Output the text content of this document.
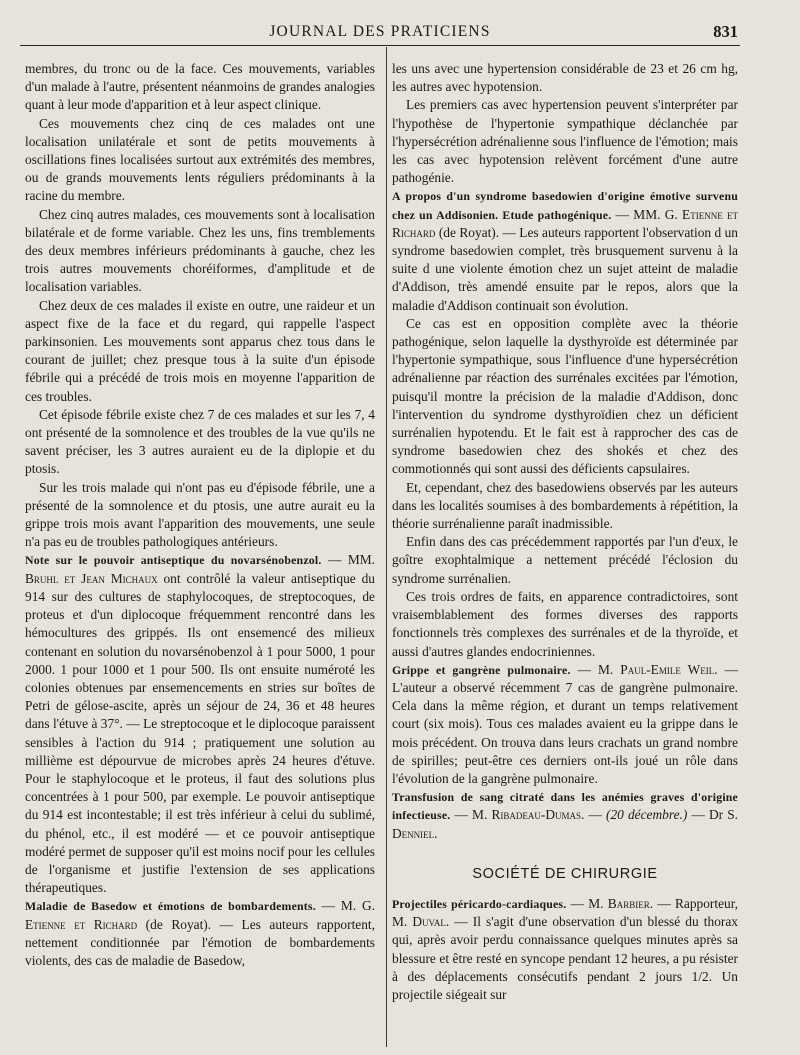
JOURNAL DES PRATICIENS	831

membres, du tronc ou de la face. Ces mouvements, variables d'un malade à l'autre, présentent néanmoins de grandes analogies quant à leur mode d'apparition et à leur aspect clinique.

Ces mouvements chez cinq de ces malades ont une localisation unilatérale et sont de petits mouvements à oscillations fines localisées surtout aux extrémités des membres, ou de grands mouvements lents réguliers prédominants à la racine du membre.

Chez cinq autres malades, ces mouvements sont à localisation bilatérale et de forme variable. Chez les uns, fins tremblements des deux membres inférieurs prédominants à gauche, chez les trois autres mouvements choréiformes, d'amplitude et de localisation variables.

Chez deux de ces malades il existe en outre, une raideur et un aspect fixe de la face et du regard, qui rappelle l'aspect parkinsonien. Les mouvements sont apparus chez tous dans le courant de juillet; chez presque tous à la suite d'un épisode fébrile qui a précédé de trois mois en moyenne l'apparition de ces troubles.

Cet épisode fébrile existe chez 7 de ces malades et sur les 7, 4 ont présenté de la somnolence et des troubles de la vue qu'ils ne savent préciser, les 3 autres auraient eu de la diplopie et du ptosis.

Sur les trois malade qui n'ont pas eu d'épisode fébrile, une a présenté de la somnolence et du ptosis, une autre aurait eu la grippe trois mois avant l'apparition des mouvements, une seule n'a pas eu de troubles pathologiques antérieurs.

Note sur le pouvoir antiseptique du novarsénobenzol. — MM. Bruhl et Jean Michaux ont contrôlé la valeur antiseptique du 914 sur des cultures de staphylocoques, de streptocoques, de proteus et d'un diplocoque fréquemment rencontré dans les hémocultures des grippés. Ils ont ensemencé des milieux contenant en solution du novarsénobenzol à 1 pour 5000, 1 pour 2000. 1 pour 1000 et 1 pour 500. Ils ont ensuite numéroté les colonies obtenues par ensemencements en stries sur boîtes de Petri de gélose-ascite, après un séjour de 24, 36 et 48 heures dans l'étuve à 37°. — Le streptocoque et le diplocoque paraissent sensibles à l'action du 914 ; pratiquement une solution au millième est dépourvue de microbes après 24 heures d'étuve. Pour le staphylocoque et le proteus, il faut des solutions plus concentrées à 1 pour 500, par exemple. Le pouvoir antiseptique du 914 est incontestable; il est très inférieur à celui du sublimé, du phénol, etc., il est modéré — et ce pouvoir antiseptique modéré permet de supposer qu'il est moins nocif pour les cellules de l'organisme et justifie l'extension de ses applications thérapeutiques.

Maladie de Basedow et émotions de bombardements. — M. G. Etienne et Richard (de Royat). — Les auteurs rapportent, nettement conditionnée par l'émotion de bombardements violents, des cas de maladie de Basedow,

les uns avec une hypertension considérable de 23 et 26 cm hg, les autres avec hypotension.

Les premiers cas avec hypertension peuvent s'interpréter par l'hypothèse de l'hypertonie sympathique déclanchée par l'hypersécrétion adrénalienne sous l'influence de l'émotion; mais les cas avec hypotension relèvent forcément d'une autre pathogénie.

A propos d'un syndrome basedowien d'origine émotive survenu chez un Addisonien. Etude pathogénique. — MM. G. Etienne et Richard (de Royat). — Les auteurs rapportent l'observation d un syndrome basedowien complet, très brusquement survenu à la suite d une violente émotion chez un sujet atteint de maladie d'Addison, très amendé ensuite par le repos, alors que la maladie d'Addison continuait son évolution.

Ce cas est en opposition complète avec la théorie pathogénique, selon laquelle la dysthyroïde est déterminée par l'hypertonie sympathique, sous l'influence d'une hypersécrétion adrénalienne par réaction des surrénales excitées par l'émotion, puisqu'il montre la précision de la maladie d'Addison, donc l'intervention du syndrome dysthyroïdien chez un déficient surrénalien hypotendu. Et le fait est à rapprocher des cas de syndrome basedowien chez des shokés et chez des commotionnés qui sont aussi des déficients capsulaires.

Et, cependant, chez des basedowiens observés par les auteurs dans les localités soumises à des bombardements à répétition, la théorie surrénalienne paraît inadmissible.

Enfin dans des cas précédemment rapportés par l'un d'eux, le goître exophtalmique a nettement précédé l'éclosion du syndrome surrénalien.

Ces trois ordres de faits, en apparence contradictoires, sont vraisemblablement des formes diverses des rapports fonctionnels très complexes des surrénales et de la thyroïde, et aussi d'autres glandes endocriniennes.

Grippe et gangrène pulmonaire. — M. Paul-Emile Weil. — L'auteur a observé récemment 7 cas de gangrène pulmonaire. Cela dans la même région, et durant un temps relativement court (six mois). Tous ces malades avaient eu la grippe dans le mois précédent. On trouva dans leurs crachats un grand nombre de spirilles; peut-être ces derniers ont-ils joué un rôle dans l'évolution de la gangrène pulmonaire.

Transfusion de sang citraté dans les anémies graves d'origine infectieuse. — M. Ribadeau-Dumas. — (20 décembre.) — Dr S. Denniel.

SOCIÉTÉ DE CHIRURGIE

Projectiles péricardo-cardiaques. — M. Barbier. — Rapporteur, M. Duval. — Il s'agit d'une observation d'un blessé du thorax qui, après avoir perdu connaissance quelques minutes après sa blessure et être resté en syncope pendant 12 heures, a pu résister à des déplacements consécutifs pendant 2 jours 1/2. Un projectile siégeait sur
